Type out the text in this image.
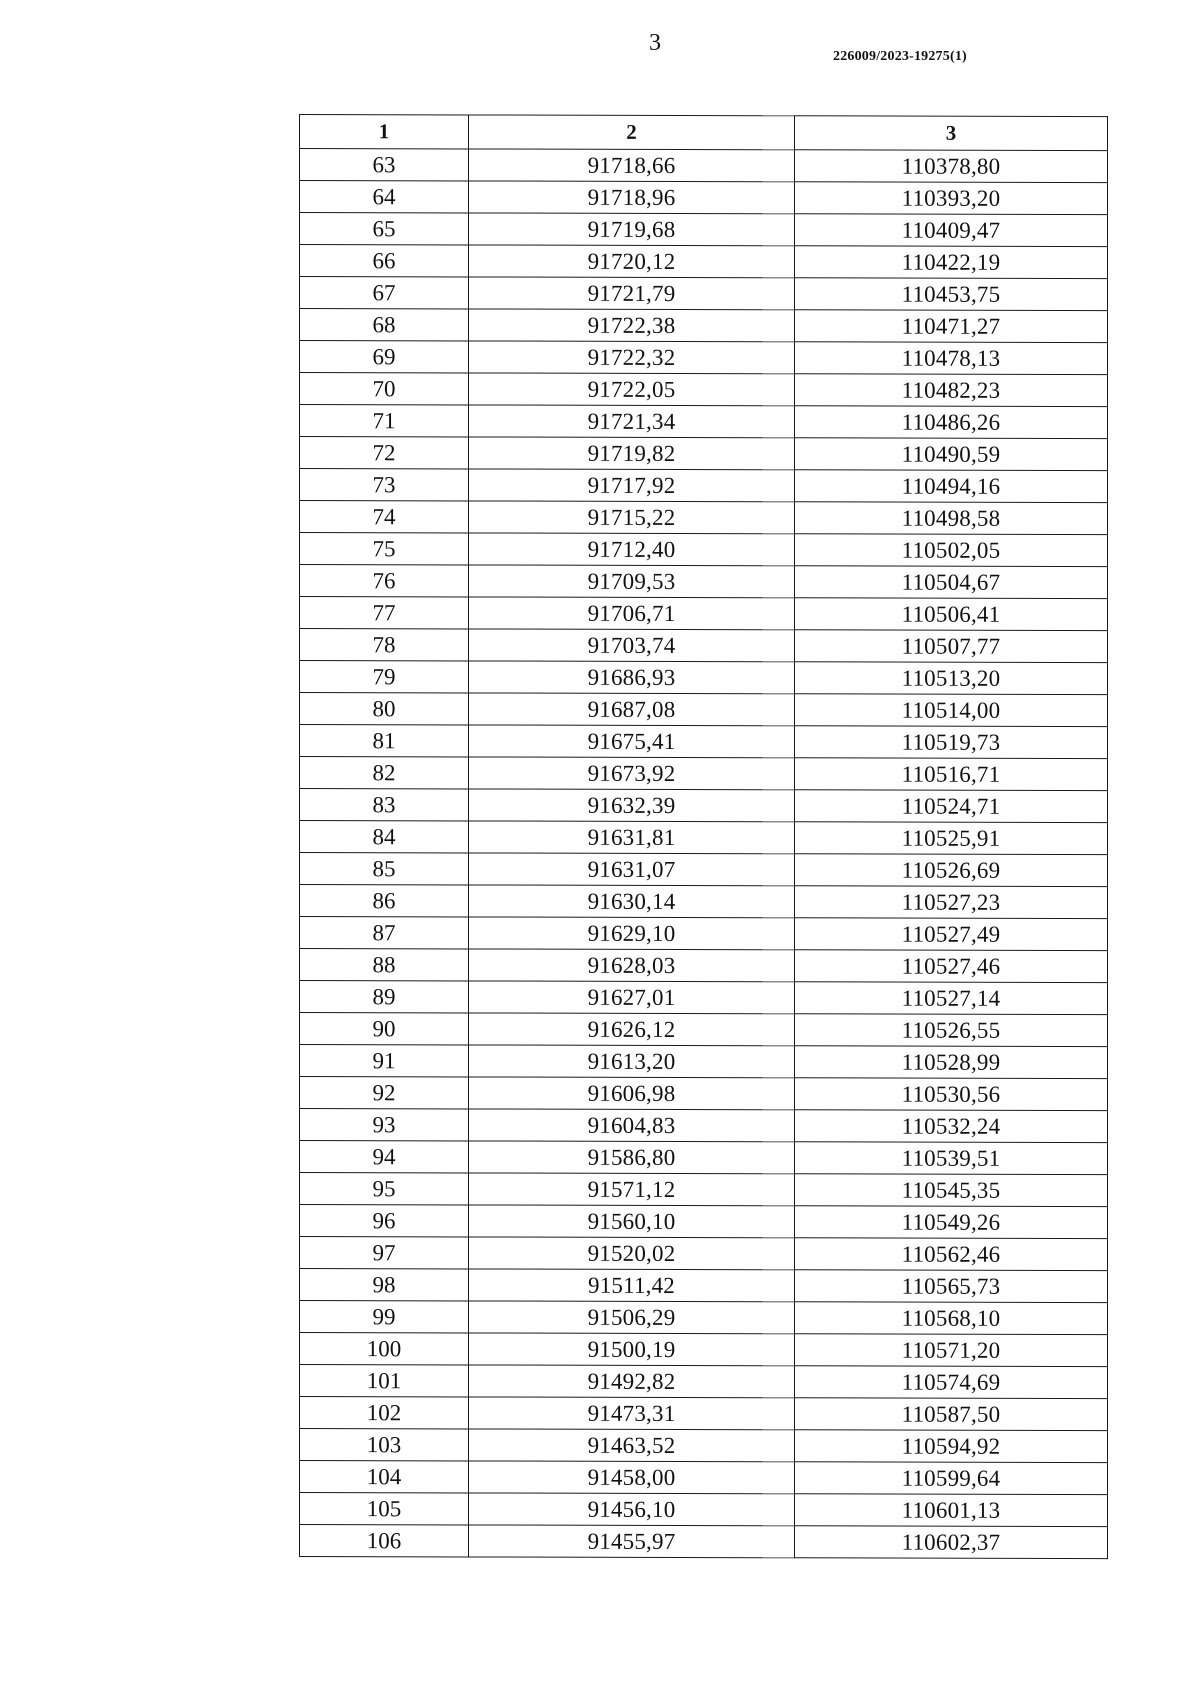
3
226009/2023-19275(1)
1	2	3
63	91718,66	110378,80
64	91718,96	110393,20
65	91719,68	110409,47
66	91720,12	110422,19
67	91721,79	110453,75
68	91722,38	110471,27
69	91722,32	110478,13
70	91722,05	110482,23
71	91721,34	110486,26
72	91719,82	110490,59
73	91717,92	110494,16
74	91715,22	110498,58
75	91712,40	110502,05
76	91709,53	110504,67
77	91706,71	110506,41
78	91703,74	110507,77
79	91686,93	110513,20
80	91687,08	110514,00
81	91675,41	110519,73
82	91673,92	110516,71
83	91632,39	110524,71
84	91631,81	110525,91
85	91631,07	110526,69
86	91630,14	110527,23
87	91629,10	110527,49
88	91628,03	110527,46
89	91627,01	110527,14
90	91626,12	110526,55
91	91613,20	110528,99
92	91606,98	110530,56
93	91604,83	110532,24
94	91586,80	110539,51
95	91571,12	110545,35
96	91560,10	110549,26
97	91520,02	110562,46
98	91511,42	110565,73
99	91506,29	110568,10
100	91500,19	110571,20
101	91492,82	110574,69
102	91473,31	110587,50
103	91463,52	110594,92
104	91458,00	110599,64
105	91456,10	110601,13
106	91455,97	110602,37
